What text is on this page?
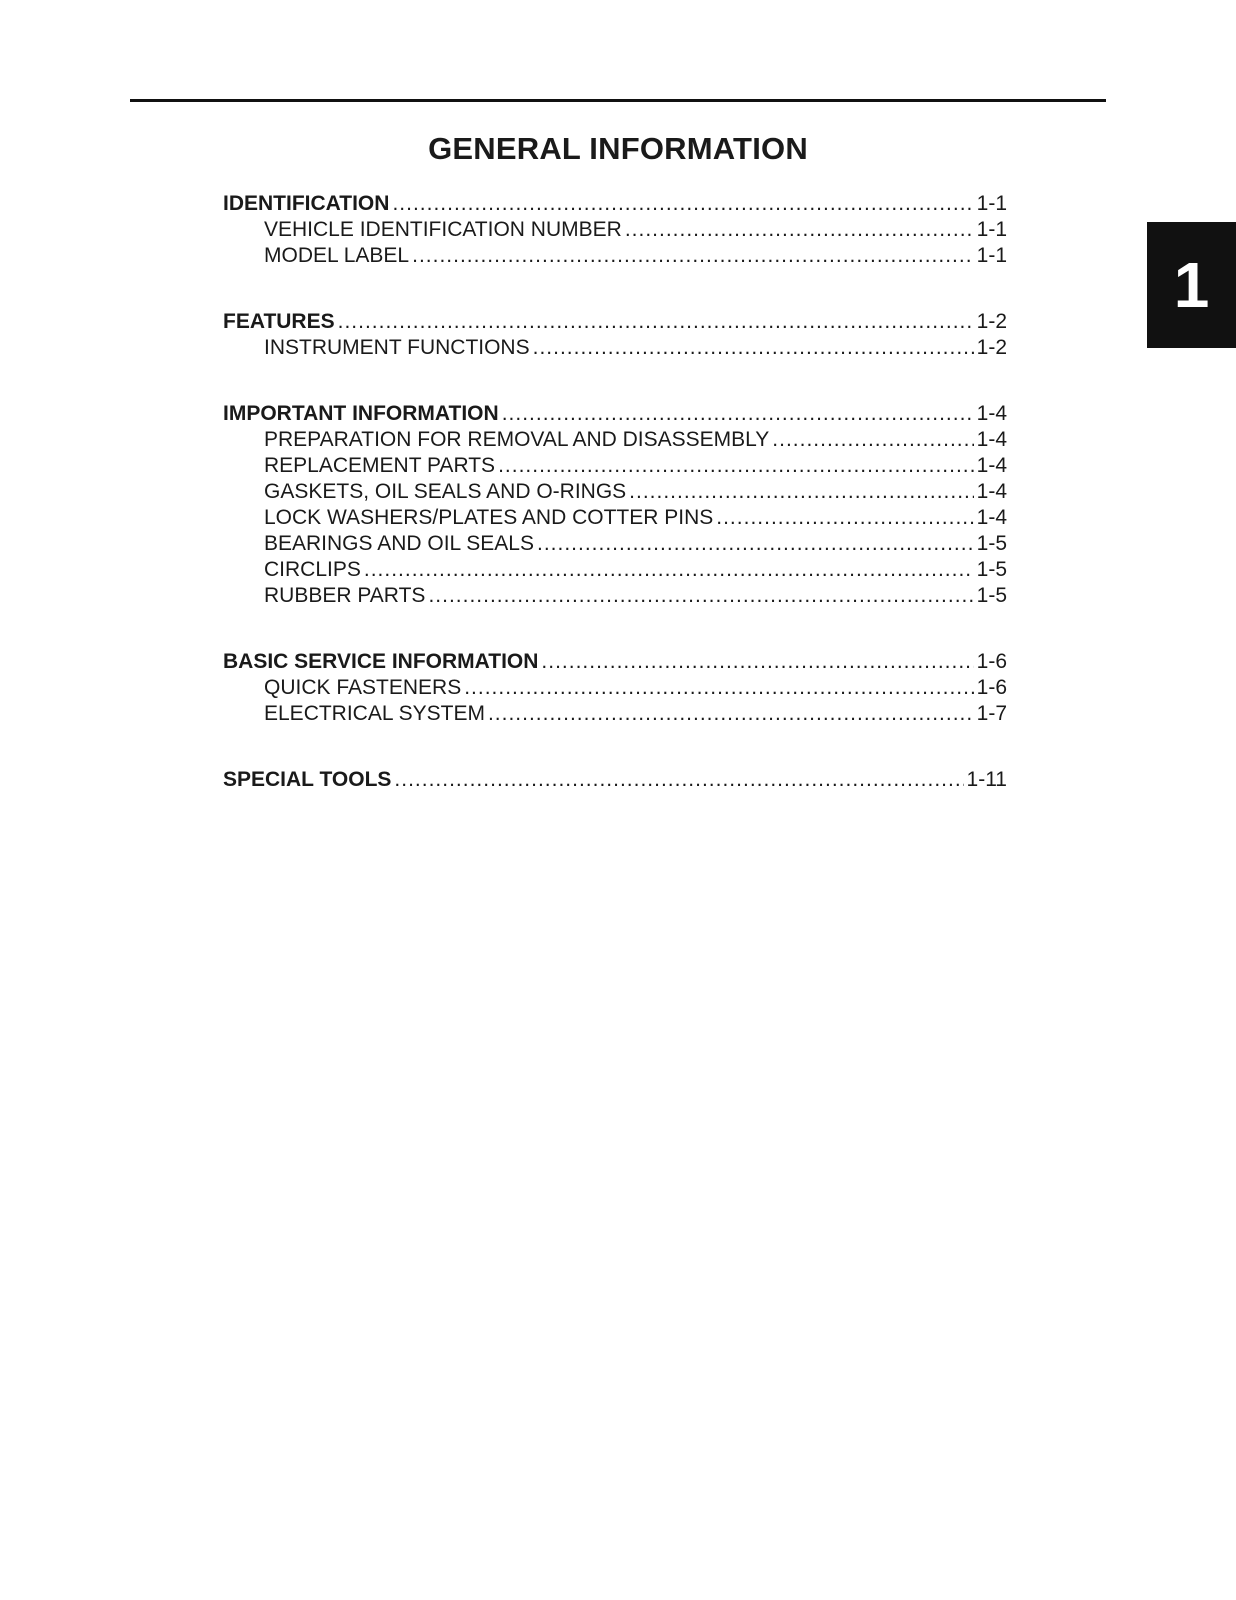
GENERAL INFORMATION
1
IDENTIFICATION .....	1-1
VEHICLE IDENTIFICATION NUMBER .....	1-1
MODEL LABEL .....	1-1
FEATURES .....	1-2
INSTRUMENT FUNCTIONS .....	1-2
IMPORTANT INFORMATION .....	1-4
PREPARATION FOR REMOVAL AND DISASSEMBLY .....	1-4
REPLACEMENT PARTS .....	1-4
GASKETS, OIL SEALS AND O-RINGS .....	1-4
LOCK WASHERS/PLATES AND COTTER PINS .....	1-4
BEARINGS AND OIL SEALS .....	1-5
CIRCLIPS .....	1-5
RUBBER PARTS .....	1-5
BASIC SERVICE INFORMATION .....	1-6
QUICK FASTENERS .....	1-6
ELECTRICAL SYSTEM .....	1-7
SPECIAL TOOLS .....	1-11
